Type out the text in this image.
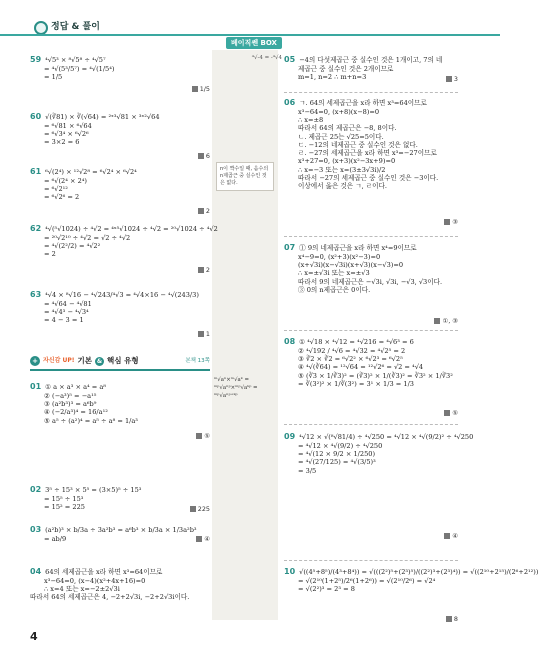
정답 & 풀이
베이직쎈 BOX
⁴√-4 = ‑⁴√4
n이 짝수일 때, 음수의 n제곱근 중 실수인 것은 없다.
ᵐ√aⁿ×ᵐ√aᵏ = ᵐᵖ√aⁿᵖ×ᵐᵖ√aᵏᵖ = ᵐᵖ√aⁿᵖ⁺ᵏᵖ
59 ⁴√5³ × ⁸√5⁸ ÷ ⁴√5⁷
= ⁴√(5³/5⁷) = ⁴√(1/5⁴)
= 1/5
1/5
60 √(∛81) × ∛(√64) = ²ˣ³√81 × ³ˣ²√64
= ⁶√81 × ⁶√64
= ⁶√3⁴ × ⁶√2⁶
= 3×2 = 6
6
61 ⁶√(2⁴) × ¹²√2⁸ = ⁶√2⁴ × ⁶√2⁴
= ⁶√(2⁴ × 2⁴)
= ⁶√2¹²
= ⁶√2⁶ = 2
2
62 ⁴√(⁵√1024) ÷ ⁴√2 = ⁴ˣ⁵√1024 ÷ ⁴√2 = ²⁰√1024 ÷ ⁴√2
= ²⁰√2¹⁰ ÷ ⁴√2 = √2 ÷ ⁴√2
= ⁴√(2²/2) = ⁴√2²
= 2
2
63 ⁴√4 × ⁸√16 − ⁴√243/⁴√3 = ⁴√4×16 − ⁴√(243/3)
= ⁴√64 − ⁴√81
= ⁴√4³ − ⁴√3⁴
= 4 − 3 = 1
1
+ 자신감 UP! 기본 & 핵심 유형	본책 13쪽
01 ① a × a³ × a⁴ = a⁸
② (−a³)⁵ = −a¹⁵
③ (a²b³)³ = a⁶b⁹
④ (−2/a³)⁴ = 16/a¹²
⑤ a⁵ ÷ (a²)⁴ = a⁵ ÷ a⁸ = 1/a³
⑤
02 3⁵ ÷ 15³ × 5⁵ = (3×5)⁵ ÷ 15³
= 15⁵ ÷ 15³
= 15² = 225	225
03 (a²b)³ × b/3a ÷ 3a²b³ = a⁶b³ × b/3a × 1/3a²b³
= ab/9	④
04 64의 세제곱근을 x라 하면 x³=64이므로
x³−64=0, (x−4)(x²+4x+16)=0
∴ x=4 또는 x=−2±2√3i
따라서 64의 세제곱근은 4, −2+2√3i, −2+2√3i이다.
05 −4의 다섯제곱근 중 실수인 것은 1개이고, 7의 네
제곱근 중 실수인 것은 2개이므로
m=1, n=2 ∴ m+n=3	3
06 ㄱ. 64의 세제곱근을 x라 하면 x³=64이므로
x³−64=0, (x+8)(x−8)=0
∴ x=±8
따라서 64의 제곱근은 −8, 8이다.
ㄴ. 제곱근 25는 √25=5이다.
ㄷ. −12의 네제곱근 중 실수인 것은 없다.
ㄹ. −27의 세제곱근을 x라 하면 x³=−27이므로
x³+27=0, (x+3)(x²−3x+9)=0
∴ x=−3 또는 x=(3±3√3i)/2
따라서 −27의 세제곱근 중 실수인 것은 −3이다.
이상에서 옳은 것은 ㄱ, ㄹ이다.
③
07 ① 9의 네제곱근을 x라 하면 x⁴=9이므로
x⁴−9=0, (x²+3)(x²−3)=0
(x+√3i)(x−√3i)(x+√3)(x−√3)=0
∴ x=±√3i 또는 x=±√3
따라서 9의 네제곱근은 −√3i, √3i, −√3, √3이다.
③ 0의 n제곱근은 0이다.
①, ③
08 ① ⁴√18 × ⁴√12 = ⁴√216 = ⁴√6³ = 6
② ⁴√192 / ⁴√6 = ⁴√32 = ⁴√2⁵ = 2
③ ∛2 × ∛2 = ⁶√2² × ⁶√2³ = ⁶√2⁵
④ ⁴√(∛64) = ¹²√64 = ¹²√2⁶ = √2 = ⁴√4
⑤ (∛3 × 1/∛3)² = (∛3)² × 1/(∛3)² = ∛3² × 1/∛3²
= ∛(3²)² × 1/∛(3²) = 3¹ × 1/3 = 1/3
⑤
09 ⁴√12 × √(⁸√81/4) ÷ ⁴√250 = ⁴√12 × ⁴√(9/2)² ÷ ⁴√250
= ⁴√12 × ⁴√(9/2) ÷ ⁴√250
= ⁴√(12 × 9/2 × 1/250)
= ⁴√(27/125) = ⁴√(3/5)³
= 3/5
④
10 √((4⁵+8⁵)/(4³+8⁴)) = √(((2²)⁵+(2³)⁵)/((2²)³+(2³)⁴)) = √((2¹⁰+2¹⁵)/(2⁶+2¹²))
= √(2¹⁰(1+2⁵)/2⁶(1+2⁶)) = √(2¹⁰/2⁶) = √2⁴
= √(2²)³ = 2³ = 8
8
4
